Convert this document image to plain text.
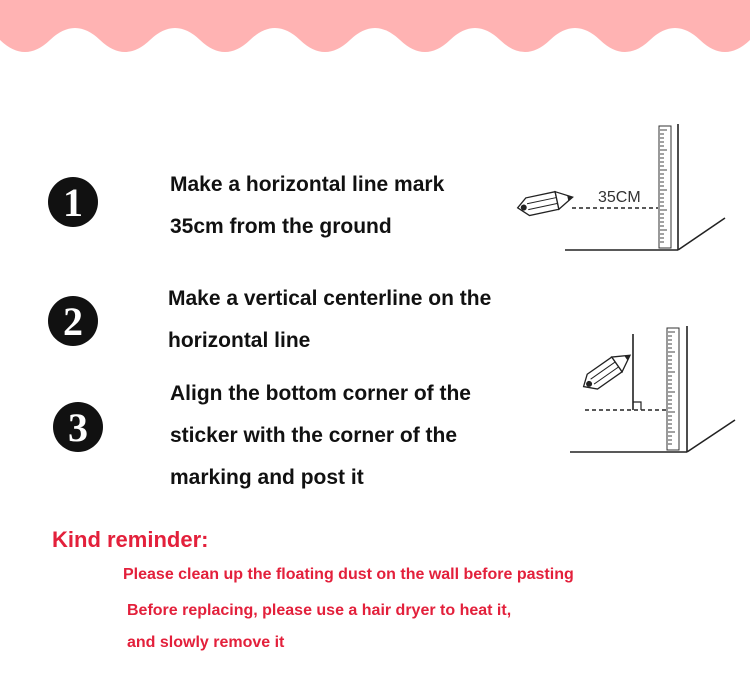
1	Make a horizontal line mark
35cm from the ground
2	Make a vertical centerline on the
horizontal line
3
Align the bottom corner of the
sticker with the corner of the
marking and post it
35CM
Kind reminder:
Please clean up the floating dust on the wall before pasting
Before replacing, please use a hair dryer to heat it,
and slowly remove it
